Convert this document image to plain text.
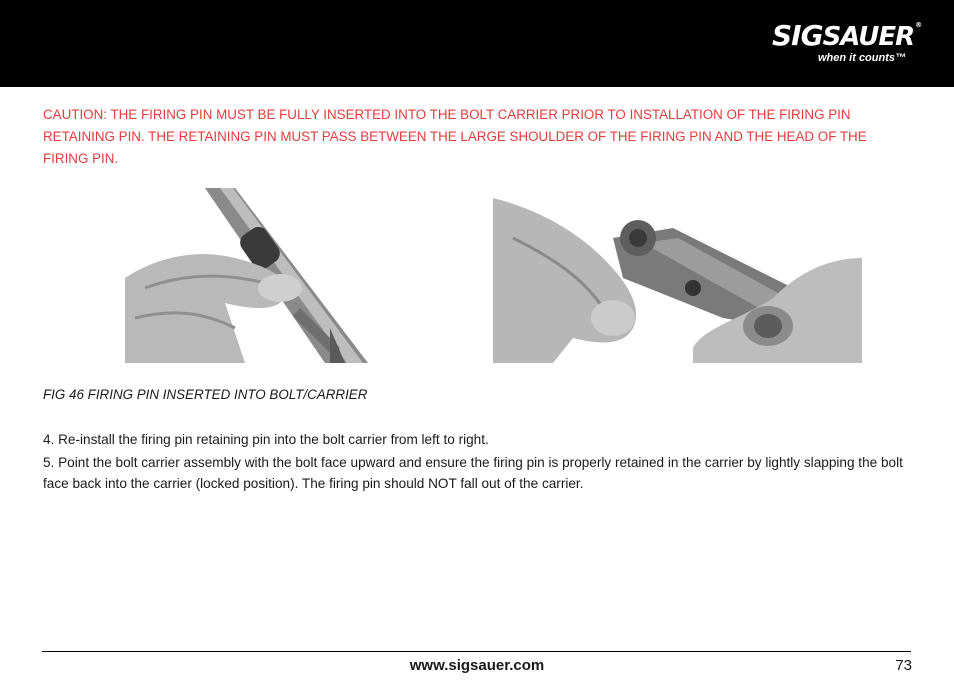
SIGSAUER®
when it counts™

CAUTION: THE FIRING PIN MUST BE FULLY INSERTED INTO THE BOLT CARRIER PRIOR TO INSTALLATION OF THE FIRING PIN RETAINING PIN. THE RETAINING PIN MUST PASS BETWEEN THE LARGE SHOULDER OF THE FIRING PIN AND THE HEAD OF THE FIRING PIN.

FIG 46 FIRING PIN INSERTED INTO BOLT/CARRIER

4. Re-install the firing pin retaining pin into the bolt carrier from left to right.

5. Point the bolt carrier assembly with the bolt face upward and ensure the firing pin is properly retained in the carrier by lightly slapping the bolt face back into the carrier (locked position). The firing pin should NOT fall out of the carrier.

www.sigsauer.com	73
